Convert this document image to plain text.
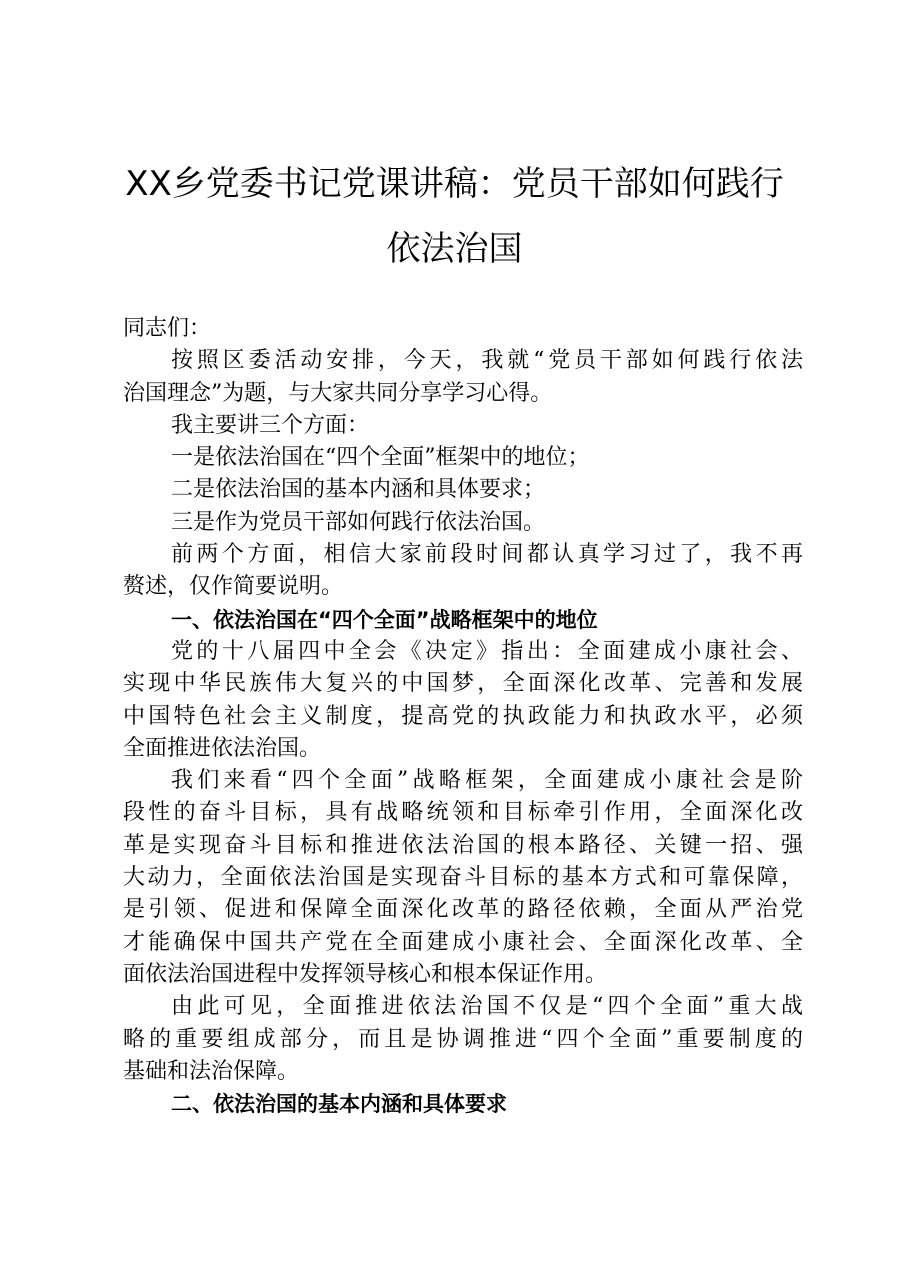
XX乡党委书记党课讲稿：党员干部如何践行
依法治国
同志们：
按照区委活动安排，今天，我就“党员干部如何践行依法
治国理念”为题，与大家共同分享学习心得。
我主要讲三个方面：
一是依法治国在“四个全面”框架中的地位；
二是依法治国的基本内涵和具体要求；
三是作为党员干部如何践行依法治国。
前两个方面，相信大家前段时间都认真学习过了，我不再
赘述，仅作简要说明。
一、依法治国在“四个全面”战略框架中的地位
党的十八届四中全会《决定》指出：全面建成小康社会、
实现中华民族伟大复兴的中国梦，全面深化改革、完善和发展
中国特色社会主义制度，提高党的执政能力和执政水平，必须
全面推进依法治国。
我们来看“四个全面”战略框架，全面建成小康社会是阶
段性的奋斗目标，具有战略统领和目标牵引作用，全面深化改
革是实现奋斗目标和推进依法治国的根本路径、关键一招、强
大动力，全面依法治国是实现奋斗目标的基本方式和可靠保障，
是引领、促进和保障全面深化改革的路径依赖，全面从严治党
才能确保中国共产党在全面建成小康社会、全面深化改革、全
面依法治国进程中发挥领导核心和根本保证作用。
由此可见，全面推进依法治国不仅是“四个全面”重大战
略的重要组成部分，而且是协调推进“四个全面”重要制度的
基础和法治保障。
二、依法治国的基本内涵和具体要求
